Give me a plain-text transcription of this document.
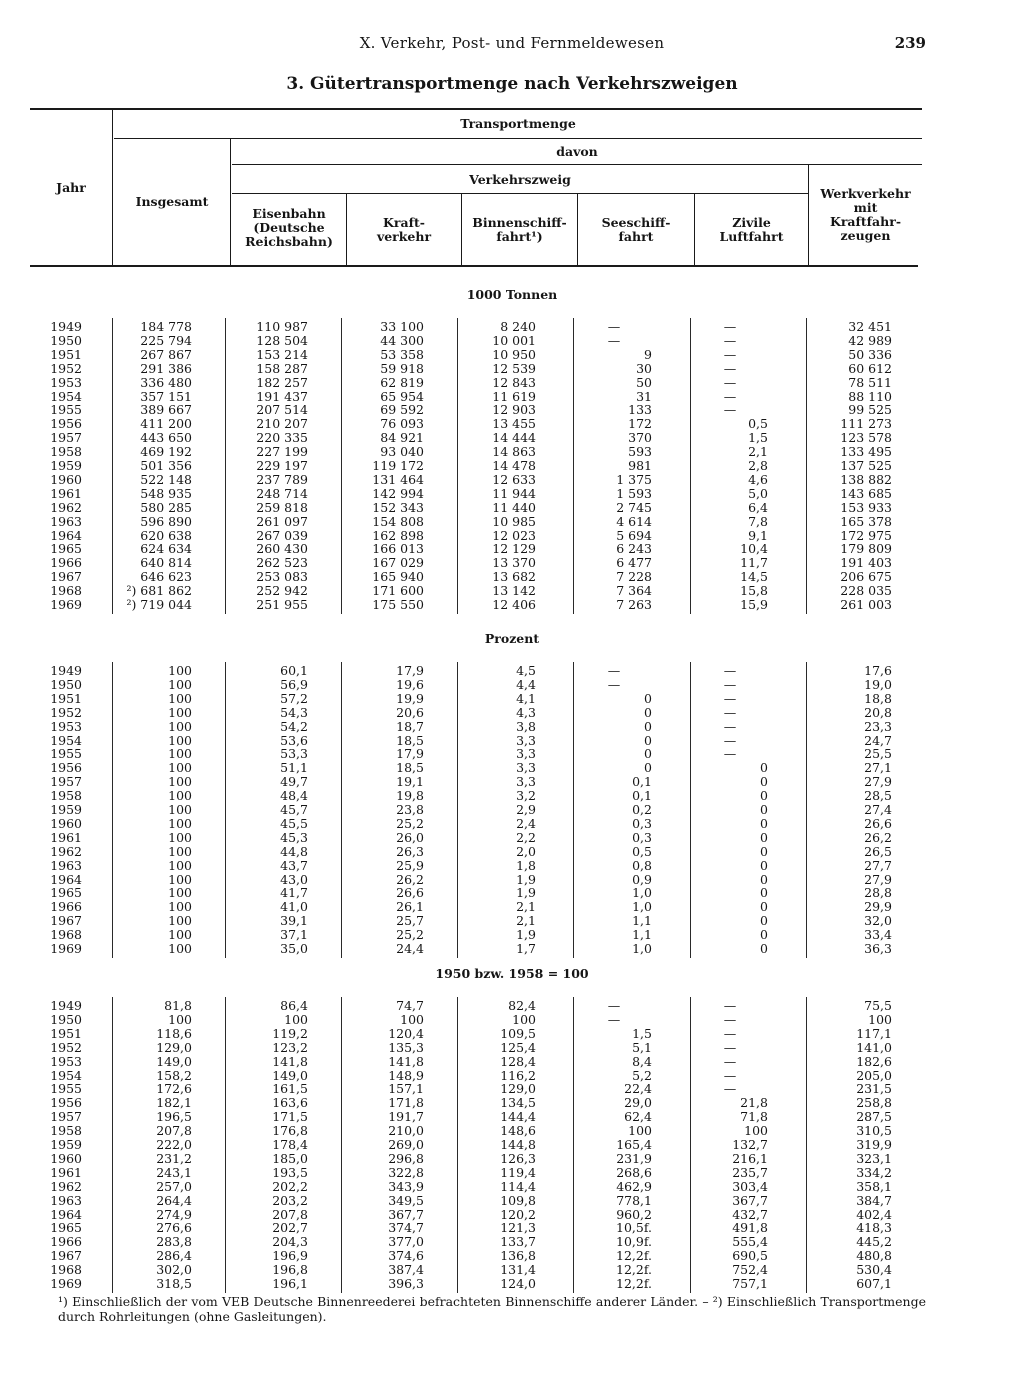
X. Verkehr, Post- und Fernmeldewesen	239
3. Gütertransportmenge nach Verkehrszweigen
Transportmenge
davon
Verkehrszweig
Jahr
Insgesamt
Eisenbahn
(Deutsche
Reichsbahn)
Kraft-
verkehr
Binnenschiff-
fahrt¹)
Seeschiff-
fahrt
Zivile
Luftfahrt
Werkverkehr
mit
Kraftfahr-
zeugen
1000 Tonnen
1949	184 778	110 987	33 100	8 240	—	—	32 451
1950	225 794	128 504	44 300	10 001	—	—	42 989
1951	267 867	153 214	53 358	10 950	9	—	50 336
1952	291 386	158 287	59 918	12 539	30	—	60 612
1953	336 480	182 257	62 819	12 843	50	—	78 511
1954	357 151	191 437	65 954	11 619	31	—	88 110
1955	389 667	207 514	69 592	12 903	133	—	99 525
1956	411 200	210 207	76 093	13 455	172	0,5	111 273
1957	443 650	220 335	84 921	14 444	370	1,5	123 578
1958	469 192	227 199	93 040	14 863	593	2,1	133 495
1959	501 356	229 197	119 172	14 478	981	2,8	137 525
1960	522 148	237 789	131 464	12 633	1 375	4,6	138 882
1961	548 935	248 714	142 994	11 944	1 593	5,0	143 685
1962	580 285	259 818	152 343	11 440	2 745	6,4	153 933
1963	596 890	261 097	154 808	10 985	4 614	7,8	165 378
1964	620 638	267 039	162 898	12 023	5 694	9,1	172 975
1965	624 634	260 430	166 013	12 129	6 243	10,4	179 809
1966	640 814	262 523	167 029	13 370	6 477	11,7	191 403
1967	646 623	253 083	165 940	13 682	7 228	14,5	206 675
1968	²) 681 862	252 942	171 600	13 142	7 364	15,8	228 035
1969	²) 719 044	251 955	175 550	12 406	7 263	15,9	261 003
Prozent
1949	100	60,1	17,9	4,5	—	—	17,6
1950	100	56,9	19,6	4,4	—	—	19,0
1951	100	57,2	19,9	4,1	0	—	18,8
1952	100	54,3	20,6	4,3	0	—	20,8
1953	100	54,2	18,7	3,8	0	—	23,3
1954	100	53,6	18,5	3,3	0	—	24,7
1955	100	53,3	17,9	3,3	0	—	25,5
1956	100	51,1	18,5	3,3	0	0	27,1
1957	100	49,7	19,1	3,3	0,1	0	27,9
1958	100	48,4	19,8	3,2	0,1	0	28,5
1959	100	45,7	23,8	2,9	0,2	0	27,4
1960	100	45,5	25,2	2,4	0,3	0	26,6
1961	100	45,3	26,0	2,2	0,3	0	26,2
1962	100	44,8	26,3	2,0	0,5	0	26,5
1963	100	43,7	25,9	1,8	0,8	0	27,7
1964	100	43,0	26,2	1,9	0,9	0	27,9
1965	100	41,7	26,6	1,9	1,0	0	28,8
1966	100	41,0	26,1	2,1	1,0	0	29,9
1967	100	39,1	25,7	2,1	1,1	0	32,0
1968	100	37,1	25,2	1,9	1,1	0	33,4
1969	100	35,0	24,4	1,7	1,0	0	36,3
1950 bzw. 1958 = 100
1949	81,8	86,4	74,7	82,4	—	—	75,5
1950	100	100	100	100	—	—	100
1951	118,6	119,2	120,4	109,5	1,5	—	117,1
1952	129,0	123,2	135,3	125,4	5,1	—	141,0
1953	149,0	141,8	141,8	128,4	8,4	—	182,6
1954	158,2	149,0	148,9	116,2	5,2	—	205,0
1955	172,6	161,5	157,1	129,0	22,4	—	231,5
1956	182,1	163,6	171,8	134,5	29,0	21,8	258,8
1957	196,5	171,5	191,7	144,4	62,4	71,8	287,5
1958	207,8	176,8	210,0	148,6	100	100	310,5
1959	222,0	178,4	269,0	144,8	165,4	132,7	319,9
1960	231,2	185,0	296,8	126,3	231,9	216,1	323,1
1961	243,1	193,5	322,8	119,4	268,6	235,7	334,2
1962	257,0	202,2	343,9	114,4	462,9	303,4	358,1
1963	264,4	203,2	349,5	109,8	778,1	367,7	384,7
1964	274,9	207,8	367,7	120,2	960,2	432,7	402,4
1965	276,6	202,7	374,7	121,3	10,5f.	491,8	418,3
1966	283,8	204,3	377,0	133,7	10,9f.	555,4	445,2
1967	286,4	196,9	374,6	136,8	12,2f.	690,5	480,8
1968	302,0	196,8	387,4	131,4	12,2f.	752,4	530,4
1969	318,5	196,1	396,3	124,0	12,2f.	757,1	607,1
¹) Einschließlich der vom VEB Deutsche Binnenreederei befrachteten Binnenschiffe anderer Länder. – ²) Einschließlich Transportmenge durch Rohrleitungen (ohne Gasleitungen).
